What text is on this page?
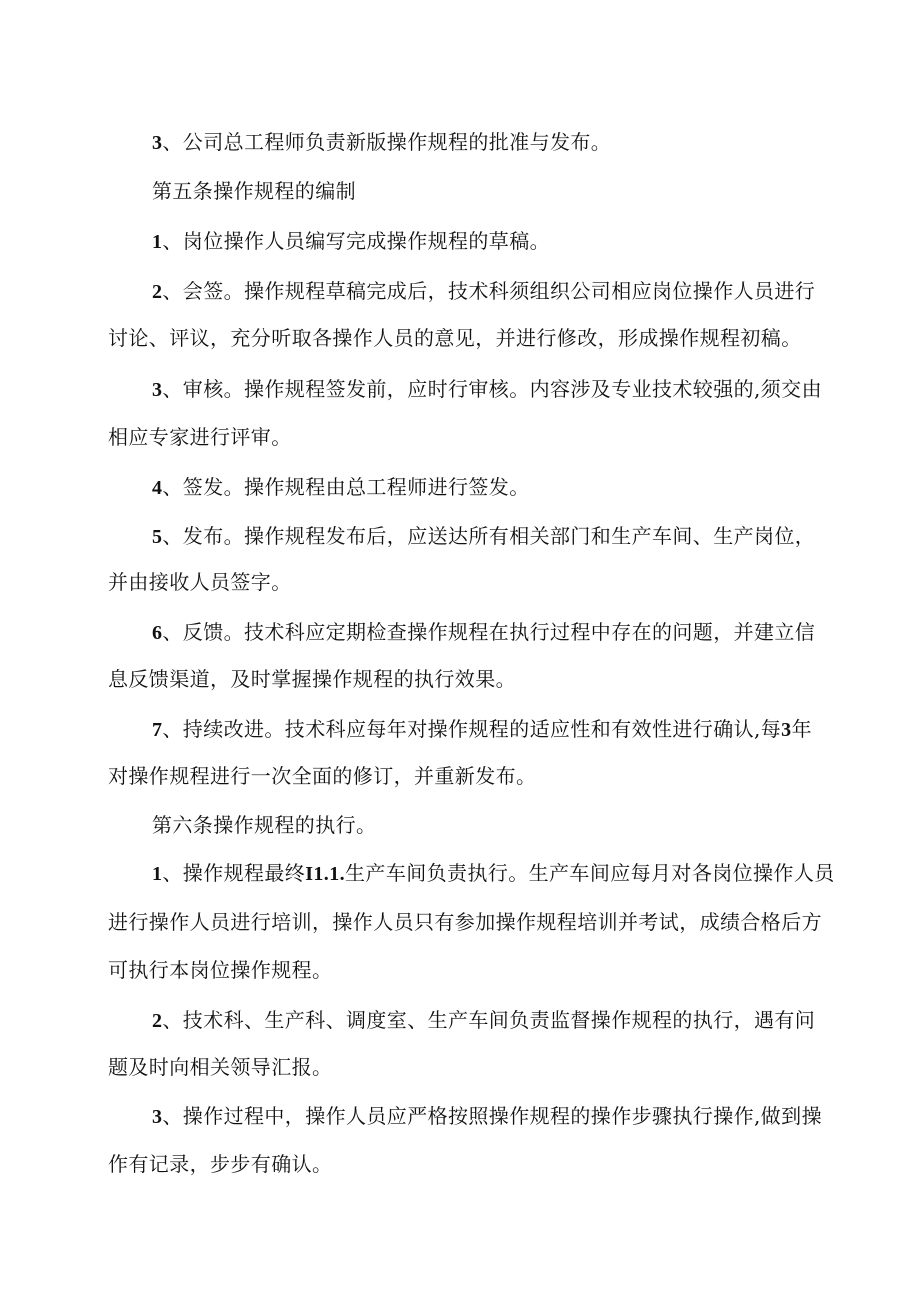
3、公司总工程师负责新版操作规程的批准与发布。
第五条操作规程的编制
1、岗位操作人员编写完成操作规程的草稿。
2、会签。操作规程草稿完成后，技术科须组织公司相应岗位操作人员进行
讨论、评议，充分听取各操作人员的意见，并进行修改，形成操作规程初稿。
3、审核。操作规程签发前，应时行审核。内容涉及专业技术较强的,须交由
相应专家进行评审。
4、签发。操作规程由总工程师进行签发。
5、发布。操作规程发布后，应送达所有相关部门和生产车间、生产岗位，
并由接收人员签字。
6、反馈。技术科应定期检查操作规程在执行过程中存在的问题，并建立信
息反馈渠道，及时掌握操作规程的执行效果。
7、持续改进。技术科应每年对操作规程的适应性和有效性进行确认,每3年
对操作规程进行一次全面的修订，并重新发布。
第六条操作规程的执行。
1、操作规程最终I1.1.生产车间负责执行。生产车间应每月对各岗位操作人员
进行操作人员进行培训，操作人员只有参加操作规程培训并考试，成绩合格后方
可执行本岗位操作规程。
2、技术科、生产科、调度室、生产车间负责监督操作规程的执行，遇有问
题及时向相关领导汇报。
3、操作过程中，操作人员应严格按照操作规程的操作步骤执行操作,做到操
作有记录，步步有确认。
